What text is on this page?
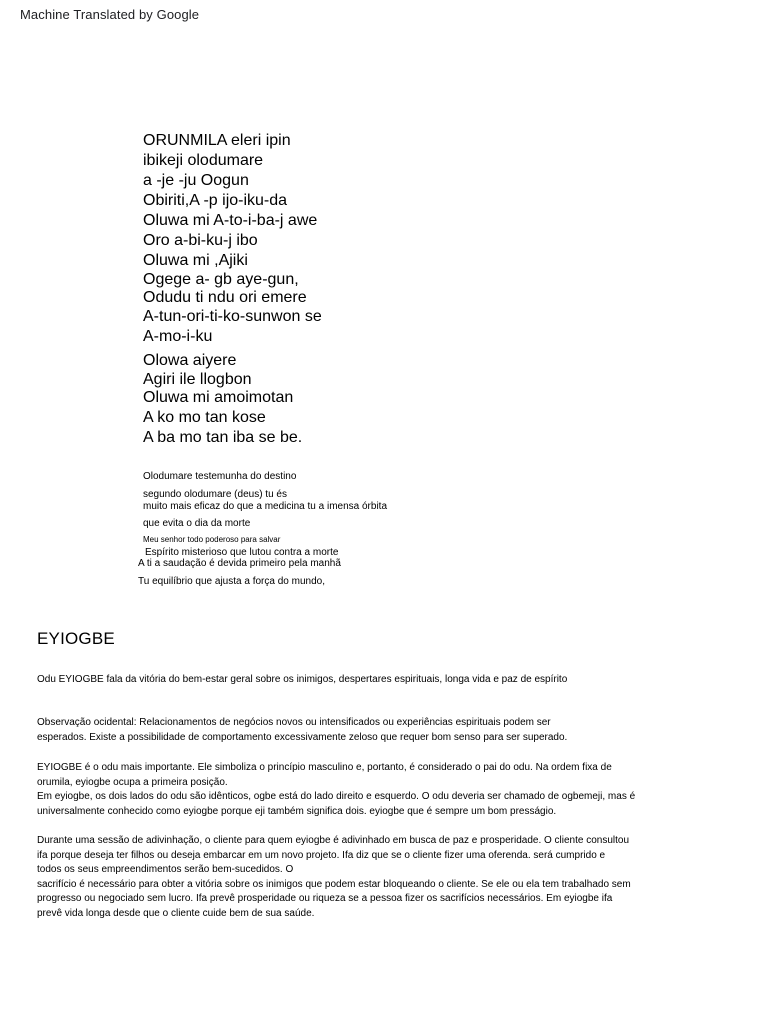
Machine Translated by Google
ORUNMILA eleri ipin
ibikeji olodumare
a -je -ju Oogun
Obiriti,A -p ijo-iku-da
Oluwa mi A-to-i-ba-j awe
Oro a-bi-ku-j ibo
Oluwa mi ,Ajiki
Ogege a- gb aye-gun,
Odudu ti ndu ori emere
A-tun-ori-ti-ko-sunwon se
A-mo-i-ku
Olowa aiyere
Agiri ile llogbon
Oluwa mi amoimotan
A ko mo tan kose
A ba mo tan iba se be.
Olodumare testemunha do destino
segundo olodumare (deus) tu és
muito mais eficaz do que a medicina tu a imensa órbita
que evita o dia da morte
Meu senhor todo poderoso para salvar
Espírito misterioso que lutou contra a morte
A ti a saudação é devida primeiro pela manhã
Tu equilíbrio que ajusta a força do mundo,
EYIOGBE
Odu EYIOGBE fala da vitória do bem-estar geral sobre os inimigos, despertares espirituais, longa vida e paz de espírito
Observação ocidental: Relacionamentos de negócios novos ou intensificados ou experiências espirituais podem ser
esperados. Existe a possibilidade de comportamento excessivamente zeloso que requer bom senso para ser superado.
EYIOGBE é o odu mais importante. Ele simboliza o princípio masculino e, portanto, é considerado o pai do odu. Na ordem fixa de
orumila, eyiogbe ocupa a primeira posição.
Em eyiogbe, os dois lados do odu são idênticos, ogbe está do lado direito e esquerdo. O odu deveria ser chamado de ogbemeji, mas é
universalmente conhecido como eyiogbe porque eji também significa dois. eyiogbe que é sempre um bom presságio.
Durante uma sessão de adivinhação, o cliente para quem eyiogbe é adivinhado em busca de paz e prosperidade. O cliente consultou
ifa porque deseja ter filhos ou deseja embarcar em um novo projeto. Ifa diz que se o cliente fizer uma oferenda. será cumprido e
todos os seus empreendimentos serão bem-sucedidos. O
sacrifício é necessário para obter a vitória sobre os inimigos que podem estar bloqueando o cliente. Se ele ou ela tem trabalhado sem
progresso ou negociado sem lucro. Ifa prevê prosperidade ou riqueza se a pessoa fizer os sacrifícios necessários. Em eyiogbe ifa
prevê vida longa desde que o cliente cuide bem de sua saúde.
